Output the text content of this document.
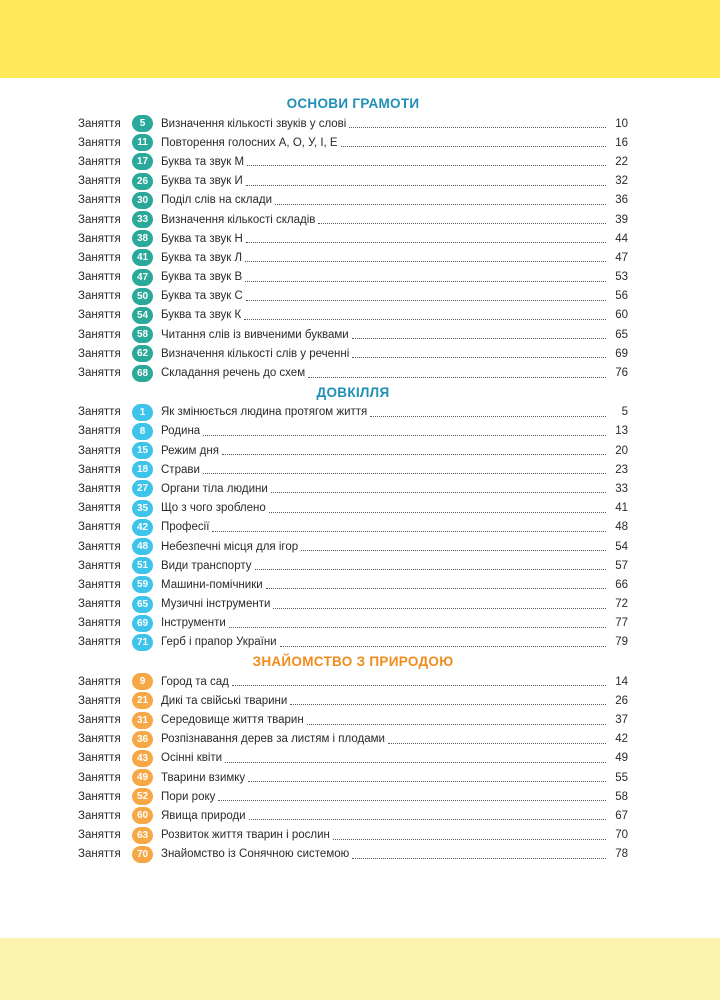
ОСНОВИ ГРАМОТИ
Заняття	5	Визначення кількості звуків у слові	10
Заняття	11	Повторення голосних А, О, У, І, Е	16
Заняття	17	Буква та звук М	22
Заняття	26	Буква та звук И	32
Заняття	30	Поділ слів на склади	36
Заняття	33	Визначення кількості складів	39
Заняття	38	Буква та звук Н	44
Заняття	41	Буква та звук Л	47
Заняття	47	Буква та звук В	53
Заняття	50	Буква та звук С	56
Заняття	54	Буква та звук К	60
Заняття	58	Читання слів із вивченими буквами	65
Заняття	62	Визначення кількості слів у реченні	69
Заняття	68	Складання речень до схем	76
ДОВКІЛЛЯ
Заняття	1	Як змінюється людина протягом життя	5
Заняття	8	Родина	13
Заняття	15	Режим дня	20
Заняття	18	Страви	23
Заняття	27	Органи тіла людини	33
Заняття	35	Що з чого зроблено	41
Заняття	42	Професії	48
Заняття	48	Небезпечні місця для ігор	54
Заняття	51	Види транспорту	57
Заняття	59	Машини-помічники	66
Заняття	65	Музичні інструменти	72
Заняття	69	Інструменти	77
Заняття	71	Герб і прапор України	79
ЗНАЙОМСТВО З ПРИРОДОЮ
Заняття	9	Город та сад	14
Заняття	21	Дикі та свійські тварини	26
Заняття	31	Середовище життя тварин	37
Заняття	36	Розпізнавання дерев за листям і плодами	42
Заняття	43	Осінні квіти	49
Заняття	49	Тварини взимку	55
Заняття	52	Пори року	58
Заняття	60	Явища природи	67
Заняття	63	Розвиток життя тварин і рослин	70
Заняття	70	Знайомство із Сонячною системою	78
